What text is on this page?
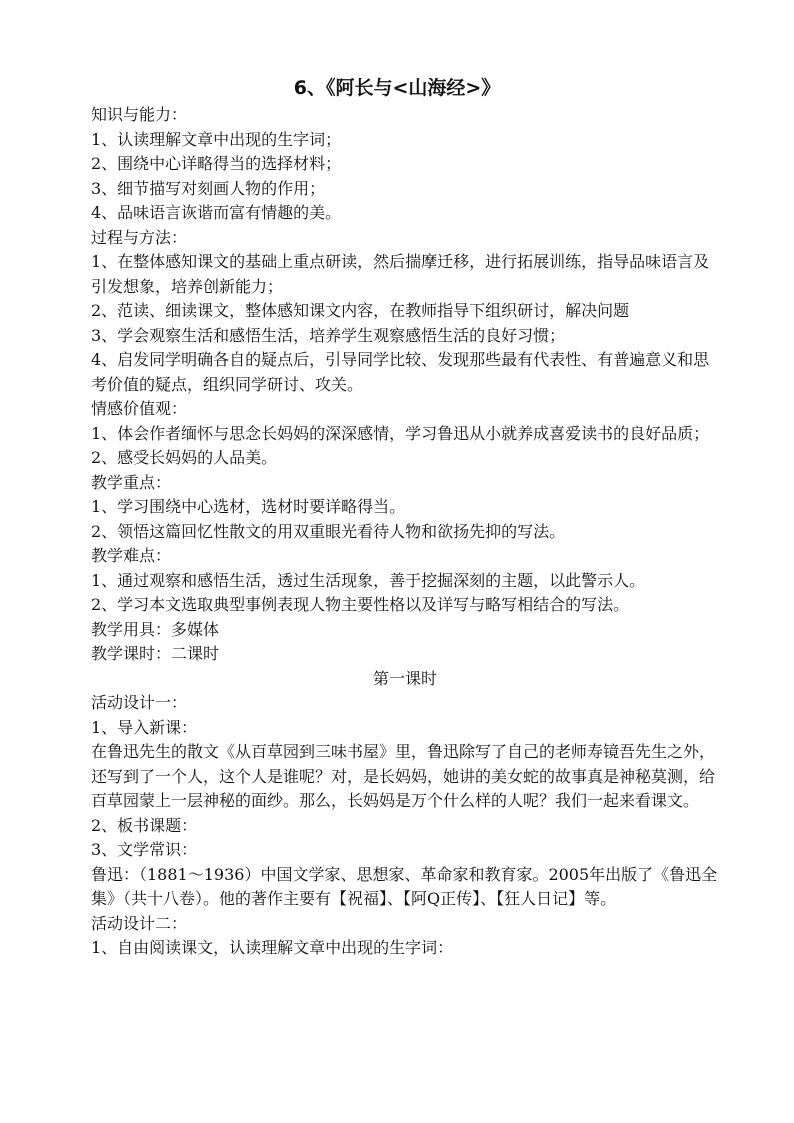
6、《阿长与<山海经>》

知识与能力：

1、认读理解文章中出现的生字词；

2、围绕中心详略得当的选择材料；

3、细节描写对刻画人物的作用；

4、品味语言诙谐而富有情趣的美。

过程与方法：

1、在整体感知课文的基础上重点研读，然后揣摩迁移，进行拓展训练，指导品味语言及引发想象，培养创新能力；

2、范读、细读课文，整体感知课文内容，在教师指导下组织研讨，解决问题

3、学会观察生活和感悟生活，培养学生观察感悟生活的良好习惯；

4、启发同学明确各自的疑点后，引导同学比较、发现那些最有代表性、有普遍意义和思考价值的疑点，组织同学研讨、攻关。

情感价值观：

1、体会作者缅怀与思念长妈妈的深深感情，学习鲁迅从小就养成喜爱读书的良好品质；

2、感受长妈妈的人品美。

教学重点：

1、学习围绕中心选材，选材时要详略得当。

2、领悟这篇回忆性散文的用双重眼光看待人物和欲扬先抑的写法。

教学难点：

1、通过观察和感悟生活，透过生活现象，善于挖掘深刻的主题，以此警示人。

2、学习本文选取典型事例表现人物主要性格以及详写与略写相结合的写法。

教学用具：多媒体

教学课时：二课时

第一课时

活动设计一：

1、导入新课：

在鲁迅先生的散文《从百草园到三味书屋》里，鲁迅除写了自己的老师寿镜吾先生之外，还写到了一个人，这个人是谁呢？对，是长妈妈，她讲的美女蛇的故事真是神秘莫测，给百草园蒙上一层神秘的面纱。那么，长妈妈是万个什么样的人呢？我们一起来看课文。

2、板书课题：

3、文学常识：

鲁迅：（1881～1936）中国文学家、思想家、革命家和教育家。2005年出版了《鲁迅全集》（共十八卷）。他的著作主要有【祝福】、【阿Q正传】、【狂人日记】等。

活动设计二：

1、自由阅读课文，认读理解文章中出现的生字词：
